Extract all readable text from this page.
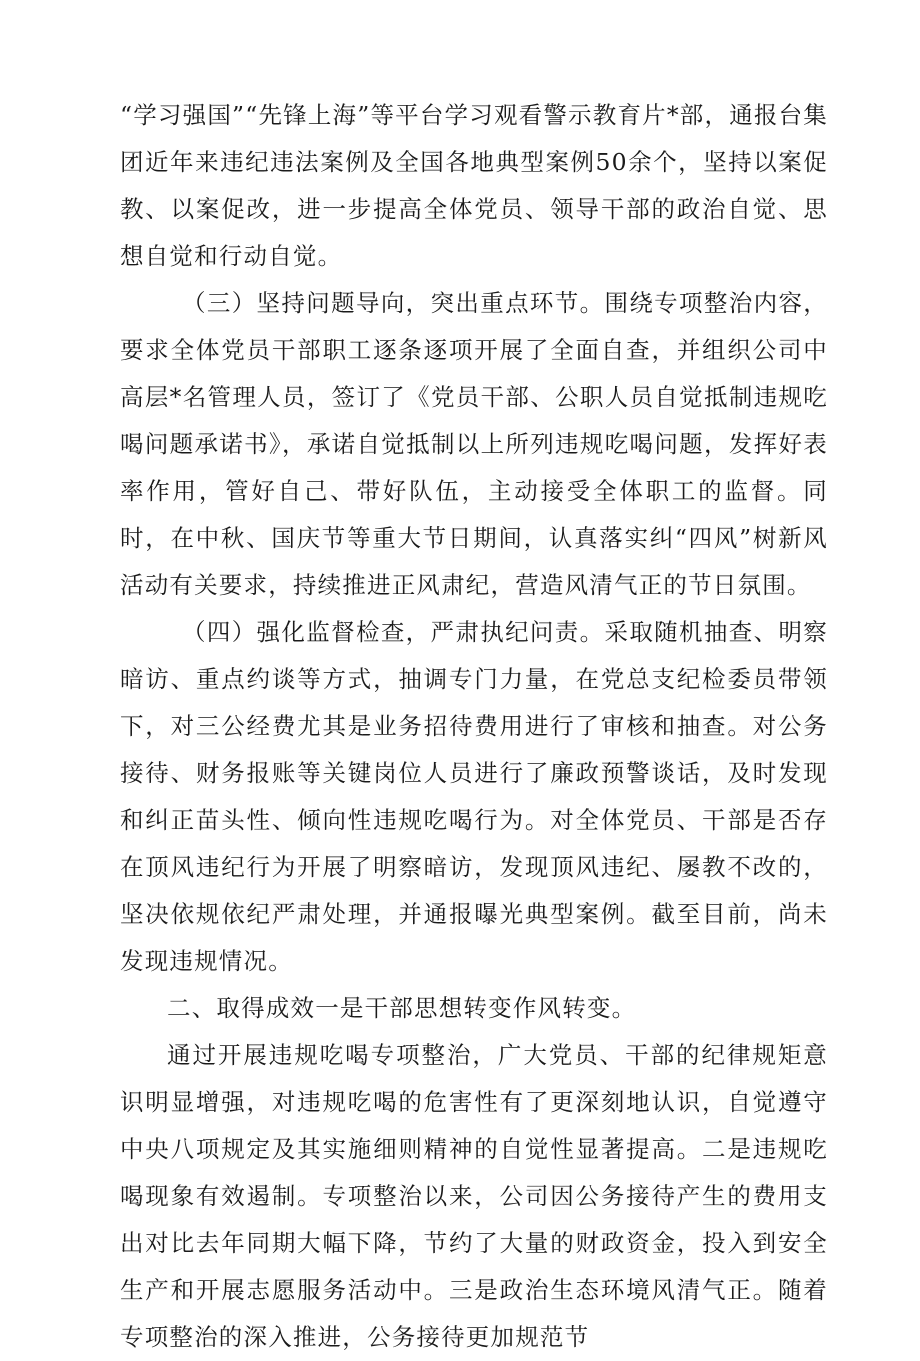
“学习强国”“先锋上海”等平台学习观看警示教育片*部，通报台集团近年来违纪违法案例及全国各地典型案例50余个，坚持以案促教、以案促改，进一步提高全体党员、领导干部的政治自觉、思想自觉和行动自觉。

（三）坚持问题导向，突出重点环节。围绕专项整治内容，要求全体党员干部职工逐条逐项开展了全面自查，并组织公司中高层*名管理人员，签订了《党员干部、公职人员自觉抵制违规吃喝问题承诺书》，承诺自觉抵制以上所列违规吃喝问题，发挥好表率作用，管好自己、带好队伍，主动接受全体职工的监督。同时，在中秋、国庆节等重大节日期间，认真落实纠“四风”树新风活动有关要求，持续推进正风肃纪，营造风清气正的节日氛围。

（四）强化监督检查，严肃执纪问责。采取随机抽查、明察暗访、重点约谈等方式，抽调专门力量，在党总支纪检委员带领下，对三公经费尤其是业务招待费用进行了审核和抽查。对公务接待、财务报账等关键岗位人员进行了廉政预警谈话，及时发现和纠正苗头性、倾向性违规吃喝行为。对全体党员、干部是否存在顶风违纪行为开展了明察暗访，发现顶风违纪、屡教不改的，坚决依规依纪严肃处理，并通报曝光典型案例。截至目前，尚未发现违规情况。

二、取得成效一是干部思想转变作风转变。

通过开展违规吃喝专项整治，广大党员、干部的纪律规矩意识明显增强，对违规吃喝的危害性有了更深刻地认识，自觉遵守中央八项规定及其实施细则精神的自觉性显著提高。二是违规吃喝现象有效遏制。专项整治以来，公司因公务接待产生的费用支出对比去年同期大幅下降，节约了大量的财政资金，投入到安全生产和开展志愿服务活动中。三是政治生态环境风清气正。随着专项整治的深入推进，公务接待更加规范节
